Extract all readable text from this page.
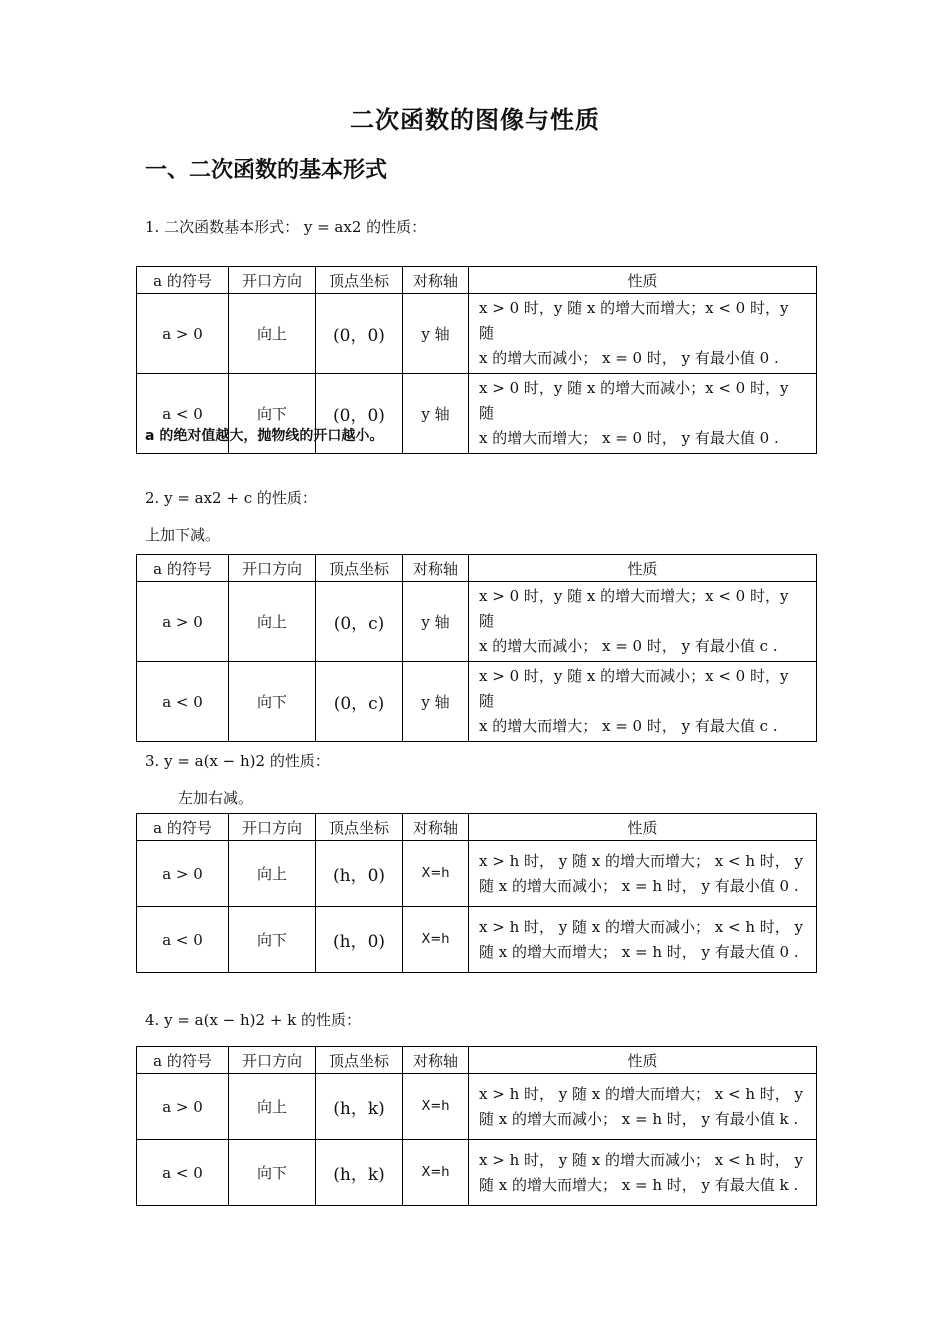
二次函数的图像与性质
一、二次函数的基本形式
1. 二次函数基本形式： y = ax2 的性质：
a 的符号	开口方向	顶点坐标	对称轴	性质
a > 0	向上	(0，0)	y 轴	x > 0 时，y 随 x 的增大而增大；x < 0 时，y 随
x 的增大而减小； x = 0 时， y 有最小值 0 .

a < 0	向下	(0，0)	y 轴	x > 0 时，y 随 x 的增大而减小；x < 0 时，y 随
x 的增大而增大； x = 0 时， y 有最大值 0 .
a 的绝对值越大，抛物线的开口越小。
2. y = ax2 + c 的性质：
上加下减。
a 的符号	开口方向	顶点坐标	对称轴	性质
a > 0	向上	(0，c)	y 轴	x > 0 时，y 随 x 的增大而增大；x < 0 时，y 随
x 的增大而减小； x = 0 时， y 有最小值 c .

a < 0	向下	(0，c)	y 轴	x > 0 时，y 随 x 的增大而减小；x < 0 时，y 随
x 的增大而增大； x = 0 时， y 有最大值 c .
3. y = a(x − h)2 的性质：
左加右减。
a 的符号	开口方向	顶点坐标	对称轴	性质
a > 0	向上	(h，0)	X=h	x > h 时， y 随 x 的增大而增大； x < h 时， y
随 x 的增大而减小； x = h 时， y 有最小值 0 .

a < 0	向下	(h，0)	X=h	x > h 时， y 随 x 的增大而减小； x < h 时， y
随 x 的增大而增大； x = h 时， y 有最大值 0 .
4. y = a(x − h)2 + k 的性质：
a 的符号	开口方向	顶点坐标	对称轴	性质
a > 0	向上	(h，k)	X=h	x > h 时， y 随 x 的增大而增大； x < h 时， y
随 x 的增大而减小； x = h 时， y 有最小值 k .

a < 0	向下	(h，k)	X=h	x > h 时， y 随 x 的增大而减小； x < h 时， y
随 x 的增大而增大； x = h 时， y 有最大值 k .
